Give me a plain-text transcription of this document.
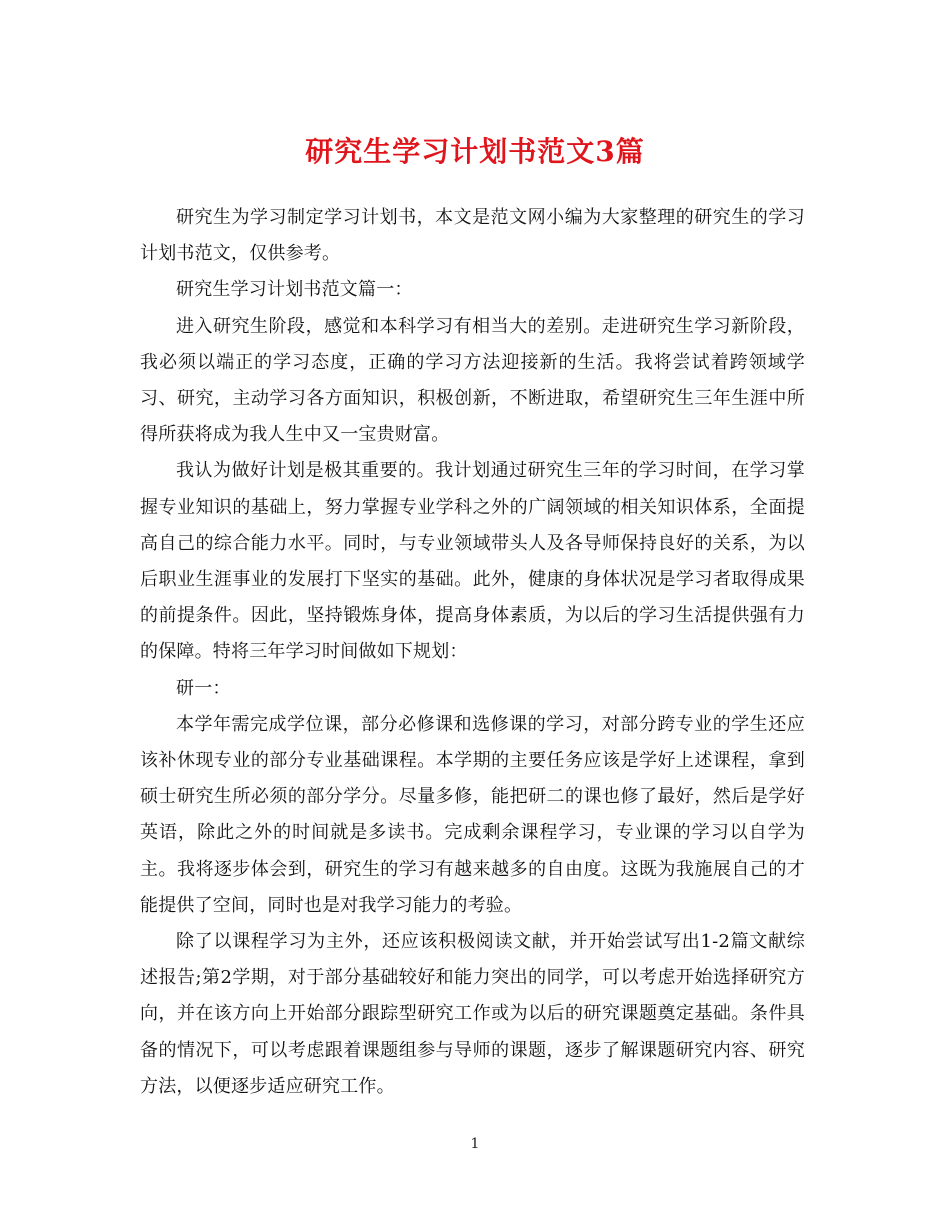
研究生学习计划书范文3篇

研究生为学习制定学习计划书，本文是范文网小编为大家整理的研究生的学习计划书范文，仅供参考。

研究生学习计划书范文篇一：

进入研究生阶段，感觉和本科学习有相当大的差别。走进研究生学习新阶段，我必须以端正的学习态度，正确的学习方法迎接新的生活。我将尝试着跨领域学习、研究，主动学习各方面知识，积极创新，不断进取，希望研究生三年生涯中所得所获将成为我人生中又一宝贵财富。

我认为做好计划是极其重要的。我计划通过研究生三年的学习时间，在学习掌握专业知识的基础上，努力掌握专业学科之外的广阔领域的相关知识体系，全面提高自己的综合能力水平。同时，与专业领域带头人及各导师保持良好的关系，为以后职业生涯事业的发展打下坚实的基础。此外，健康的身体状况是学习者取得成果的前提条件。因此，坚持锻炼身体，提高身体素质，为以后的学习生活提供强有力的保障。特将三年学习时间做如下规划：

研一：

本学年需完成学位课，部分必修课和选修课的学习，对部分跨专业的学生还应该补休现专业的部分专业基础课程。本学期的主要任务应该是学好上述课程，拿到硕士研究生所必须的部分学分。尽量多修，能把研二的课也修了最好，然后是学好英语，除此之外的时间就是多读书。完成剩余课程学习，专业课的学习以自学为主。我将逐步体会到，研究生的学习有越来越多的自由度。这既为我施展自己的才能提供了空间，同时也是对我学习能力的考验。

除了以课程学习为主外，还应该积极阅读文献，并开始尝试写出1-2篇文献综述报告;第2学期，对于部分基础较好和能力突出的同学，可以考虑开始选择研究方向，并在该方向上开始部分跟踪型研究工作或为以后的研究课题奠定基础。条件具备的情况下，可以考虑跟着课题组参与导师的课题，逐步了解课题研究内容、研究方法，以便逐步适应研究工作。

1
